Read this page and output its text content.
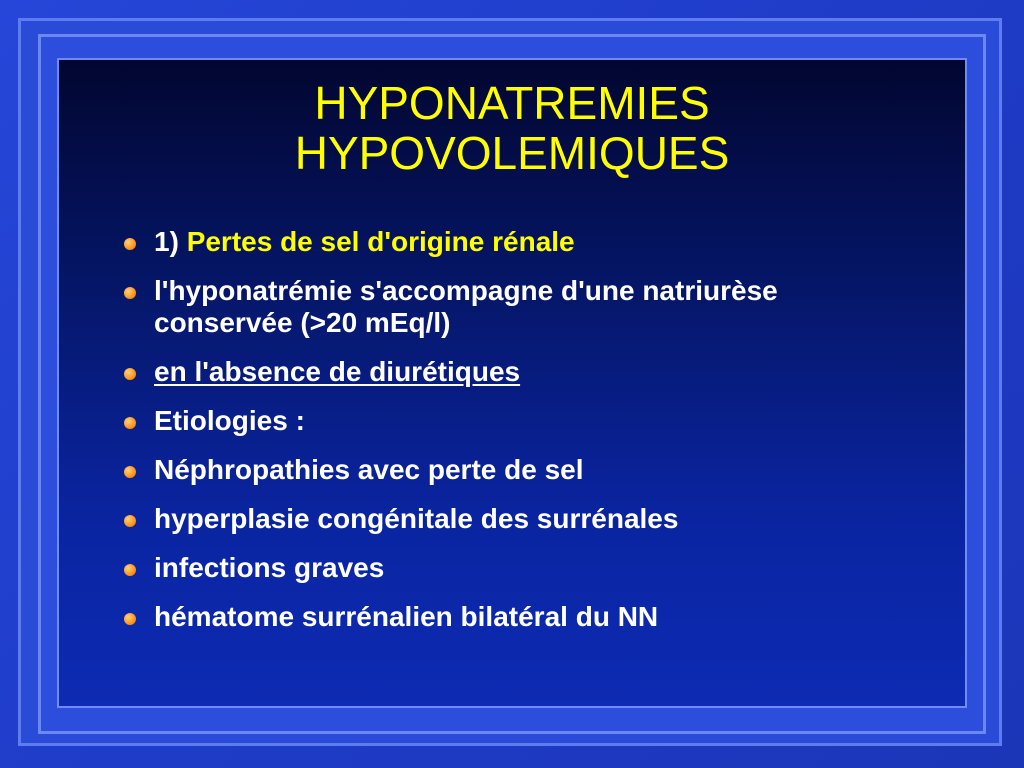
HYPONATREMIES
HYPOVOLEMIQUES
1) Pertes de sel d'origine rénale
l'hyponatrémie s'accompagne d'une natriurèse conservée (>20 mEq/l)
en l'absence de diurétiques
Etiologies :
Néphropathies avec perte de sel
hyperplasie congénitale des surrénales
infections graves
hématome surrénalien bilatéral du NN
